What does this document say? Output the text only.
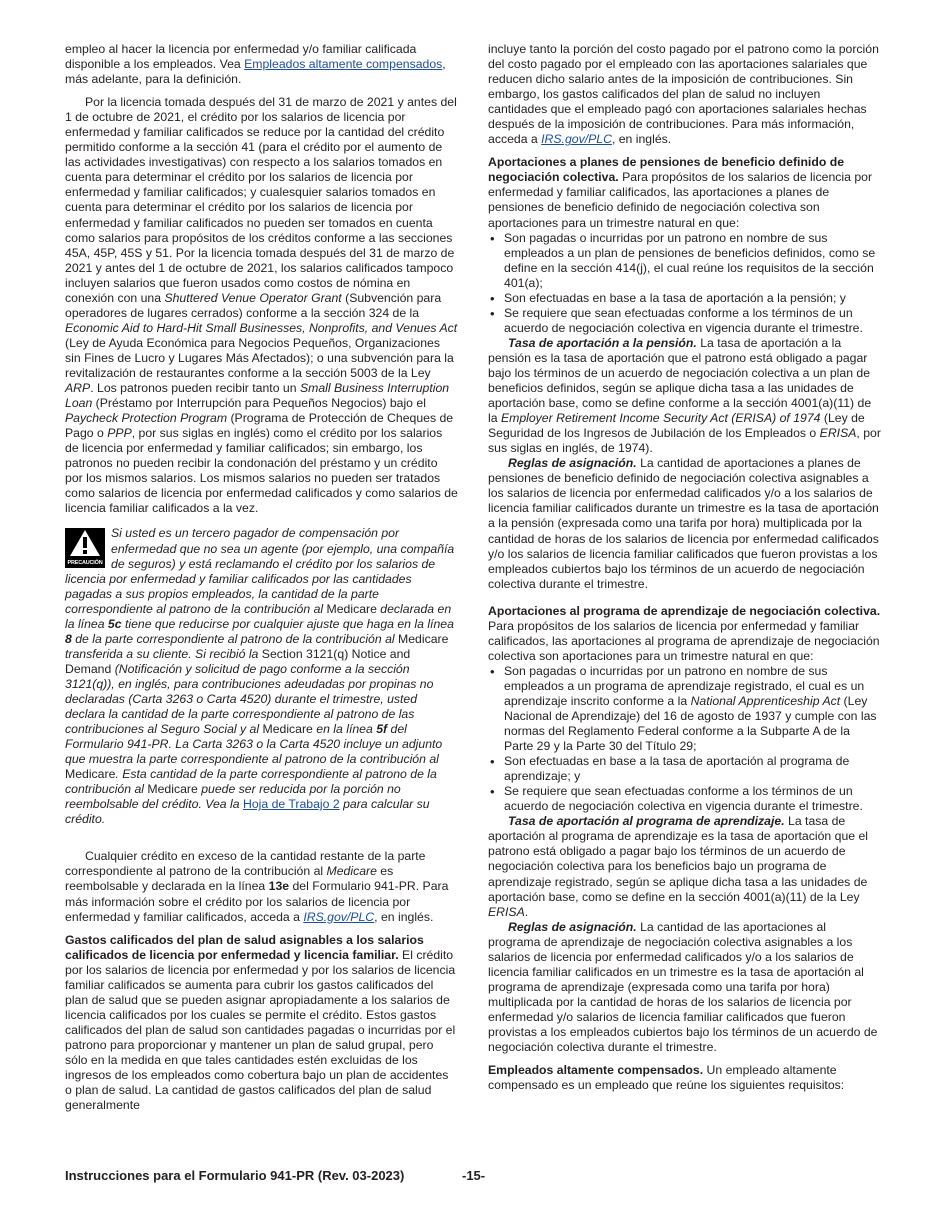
empleo al hacer la licencia por enfermedad y/o familiar calificada disponible a los empleados. Vea Empleados altamente compensados, más adelante, para la definición.

Por la licencia tomada después del 31 de marzo de 2021 y antes del 1 de octubre de 2021, el crédito por los salarios de licencia por enfermedad y familiar calificados se reduce por la cantidad del crédito permitido conforme a la sección 41 (para el crédito por el aumento de las actividades investigativas) con respecto a los salarios tomados en cuenta para determinar el crédito por los salarios de licencia por enfermedad y familiar calificados; y cualesquier salarios tomados en cuenta para determinar el crédito por los salarios de licencia por enfermedad y familiar calificados no pueden ser tomados en cuenta como salarios para propósitos de los créditos conforme a las secciones 45A, 45P, 45S y 51. Por la licencia tomada después del 31 de marzo de 2021 y antes del 1 de octubre de 2021, los salarios calificados tampoco incluyen salarios que fueron usados como costos de nómina en conexión con una Shuttered Venue Operator Grant (Subvención para operadores de lugares cerrados) conforme a la sección 324 de la Economic Aid to Hard-Hit Small Businesses, Nonprofits, and Venues Act (Ley de Ayuda Económica para Negocios Pequeños, Organizaciones sin Fines de Lucro y Lugares Más Afectados); o una subvención para la revitalización de restaurantes conforme a la sección 5003 de la Ley ARP. Los patronos pueden recibir tanto un Small Business Interruption Loan (Préstamo por Interrupción para Pequeños Negocios) bajo el Paycheck Protection Program (Programa de Protección de Cheques de Pago o PPP, por sus siglas en inglés) como el crédito por los salarios de licencia por enfermedad y familiar calificados; sin embargo, los patronos no pueden recibir la condonación del préstamo y un crédito por los mismos salarios. Los mismos salarios no pueden ser tratados como salarios de licencia por enfermedad calificados y como salarios de licencia familiar calificados a la vez.

PRECAUCIÓN
Si usted es un tercero pagador de compensación por enfermedad que no sea un agente (por ejemplo, una compañía de seguros) y está reclamando el crédito por los salarios de licencia por enfermedad y familiar calificados por las cantidades pagadas a sus propios empleados, la cantidad de la parte correspondiente al patrono de la contribución al Medicare declarada en la línea 5c tiene que reducirse por cualquier ajuste que haga en la línea 8 de la parte correspondiente al patrono de la contribución al Medicare transferida a su cliente. Si recibió la Section 3121(q) Notice and Demand (Notificación y solicitud de pago conforme a la sección 3121(q)), en inglés, para contribuciones adeudadas por propinas no declaradas (Carta 3263 o Carta 4520) durante el trimestre, usted declara la cantidad de la parte correspondiente al patrono de las contribuciones al Seguro Social y al Medicare en la línea 5f del Formulario 941-PR. La Carta 3263 o la Carta 4520 incluye un adjunto que muestra la parte correspondiente al patrono de la contribución al Medicare. Esta cantidad de la parte correspondiente al patrono de la contribución al Medicare puede ser reducida por la porción no reembolsable del crédito. Vea la Hoja de Trabajo 2 para calcular su crédito.

Cualquier crédito en exceso de la cantidad restante de la parte correspondiente al patrono de la contribución al Medicare es reembolsable y declarada en la línea 13e del Formulario 941-PR. Para más información sobre el crédito por los salarios de licencia por enfermedad y familiar calificados, acceda a IRS.gov/PLC, en inglés.

Gastos calificados del plan de salud asignables a los salarios calificados de licencia por enfermedad y licencia familiar. El crédito por los salarios de licencia por enfermedad y por los salarios de licencia familiar calificados se aumenta para cubrir los gastos calificados del plan de salud que se pueden asignar apropiadamente a los salarios de licencia calificados por los cuales se permite el crédito. Estos gastos calificados del plan de salud son cantidades pagadas o incurridas por el patrono para proporcionar y mantener un plan de salud grupal, pero sólo en la medida en que tales cantidades estén excluidas de los ingresos de los empleados como cobertura bajo un plan de accidentes o plan de salud. La cantidad de gastos calificados del plan de salud generalmente

incluye tanto la porción del costo pagado por el patrono como la porción del costo pagado por el empleado con las aportaciones salariales que reducen dicho salario antes de la imposición de contribuciones. Sin embargo, los gastos calificados del plan de salud no incluyen cantidades que el empleado pagó con aportaciones salariales hechas después de la imposición de contribuciones. Para más información, acceda a IRS.gov/PLC, en inglés.

Aportaciones a planes de pensiones de beneficio definido de negociación colectiva. Para propósitos de los salarios de licencia por enfermedad y familiar calificados, las aportaciones a planes de pensiones de beneficio definido de negociación colectiva son aportaciones para un trimestre natural en que:

• Son pagadas o incurridas por un patrono en nombre de sus empleados a un plan de pensiones de beneficios definidos, como se define en la sección 414(j), el cual reúne los requisitos de la sección 401(a);
• Son efectuadas en base a la tasa de aportación a la pensión; y
• Se requiere que sean efectuadas conforme a los términos de un acuerdo de negociación colectiva en vigencia durante el trimestre.

Tasa de aportación a la pensión. La tasa de aportación a la pensión es la tasa de aportación que el patrono está obligado a pagar bajo los términos de un acuerdo de negociación colectiva a un plan de beneficios definidos, según se aplique dicha tasa a las unidades de aportación base, como se define conforme a la sección 4001(a)(11) de la Employer Retirement Income Security Act (ERISA) of 1974 (Ley de Seguridad de los Ingresos de Jubilación de los Empleados o ERISA, por sus siglas en inglés, de 1974).

Reglas de asignación. La cantidad de aportaciones a planes de pensiones de beneficio definido de negociación colectiva asignables a los salarios de licencia por enfermedad calificados y/o a los salarios de licencia familiar calificados durante un trimestre es la tasa de aportación a la pensión (expresada como una tarifa por hora) multiplicada por la cantidad de horas de los salarios de licencia por enfermedad calificados y/o los salarios de licencia familiar calificados que fueron provistas a los empleados cubiertos bajo los términos de un acuerdo de negociación colectiva durante el trimestre.

Aportaciones al programa de aprendizaje de negociación colectiva. Para propósitos de los salarios de licencia por enfermedad y familiar calificados, las aportaciones al programa de aprendizaje de negociación colectiva son aportaciones para un trimestre natural en que:

• Son pagadas o incurridas por un patrono en nombre de sus empleados a un programa de aprendizaje registrado, el cual es un aprendizaje inscrito conforme a la National Apprenticeship Act (Ley Nacional de Aprendizaje) del 16 de agosto de 1937 y cumple con las normas del Reglamento Federal conforme a la Subparte A de la Parte 29 y la Parte 30 del Título 29;
• Son efectuadas en base a la tasa de aportación al programa de aprendizaje; y
• Se requiere que sean efectuadas conforme a los términos de un acuerdo de negociación colectiva en vigencia durante el trimestre.

Tasa de aportación al programa de aprendizaje. La tasa de aportación al programa de aprendizaje es la tasa de aportación que el patrono está obligado a pagar bajo los términos de un acuerdo de negociación colectiva para los beneficios bajo un programa de aprendizaje registrado, según se aplique dicha tasa a las unidades de aportación base, como se define en la sección 4001(a)(11) de la Ley ERISA.

Reglas de asignación. La cantidad de las aportaciones al programa de aprendizaje de negociación colectiva asignables a los salarios de licencia por enfermedad calificados y/o a los salarios de licencia familiar calificados en un trimestre es la tasa de aportación al programa de aprendizaje (expresada como una tarifa por hora) multiplicada por la cantidad de horas de los salarios de licencia por enfermedad y/o salarios de licencia familiar calificados que fueron provistas a los empleados cubiertos bajo los términos de un acuerdo de negociación colectiva durante el trimestre.

Empleados altamente compensados. Un empleado altamente compensado es un empleado que reúne los siguientes requisitos:

Instrucciones para el Formulario 941-PR (Rev. 03-2023)	-15-
